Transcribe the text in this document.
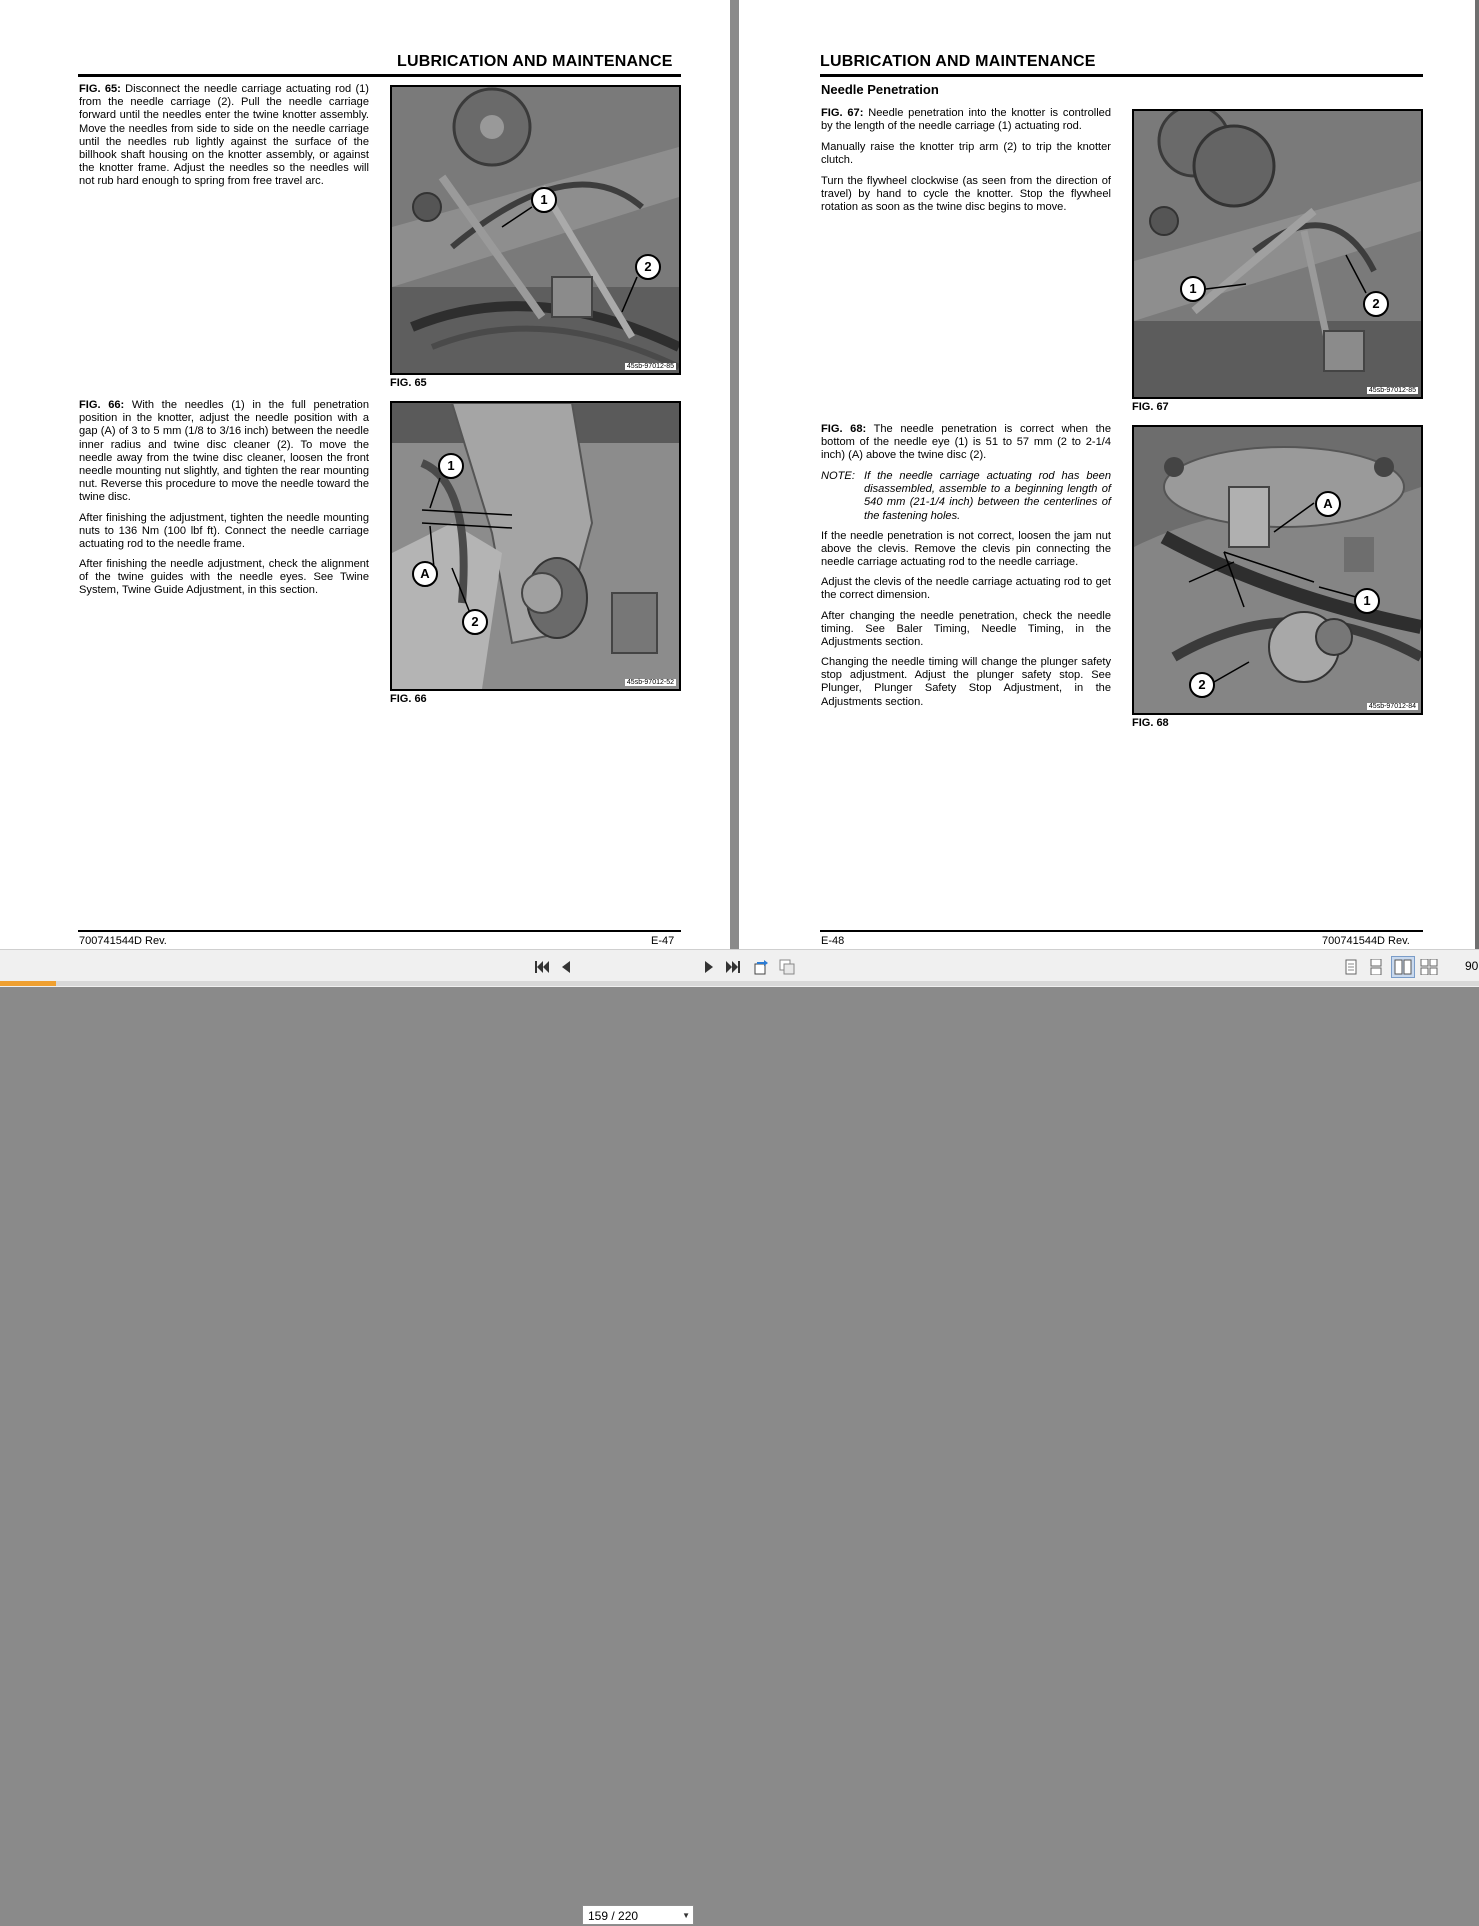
LUBRICATION AND MAINTENANCE

FIG. 65: Disconnect the needle carriage actuating rod (1) from the needle carriage (2). Pull the needle carriage forward until the needles enter the twine knotter assembly. Move the needles from side to side on the needle carriage until the needles rub lightly against the surface of the billhook shaft housing on the knotter assembly, or against the knotter frame. Adjust the needles so the needles will not rub hard enough to spring from free travel arc.

1
2
45sb-97012-85
FIG. 65

FIG. 66: With the needles (1) in the full penetration position in the knotter, adjust the needle position with a gap (A) of 3 to 5 mm (1/8 to 3/16 inch) between the needle inner radius and twine disc cleaner (2). To move the needle away from the twine disc cleaner, loosen the front needle mounting nut slightly, and tighten the rear mounting nut. Reverse this procedure to move the needle toward the twine disc.

After finishing the adjustment, tighten the needle mounting nuts to 136 Nm (100 lbf ft). Connect the needle carriage actuating rod to the needle frame.

After finishing the needle adjustment, check the alignment of the twine guides with the needle eyes. See Twine System, Twine Guide Adjustment, in this section.

1
A
2
45sb-97012-52
FIG. 66
700741544D Rev.	E-47
LUBRICATION AND MAINTENANCE
Needle Penetration

FIG. 67: Needle penetration into the knotter is controlled by the length of the needle carriage (1) actuating rod.

Manually raise the knotter trip arm (2) to trip the knotter clutch.

Turn the flywheel clockwise (as seen from the direction of travel) by hand to cycle the knotter. Stop the flywheel rotation as soon as the twine disc begins to move.

1
2
45sb-97012-85
FIG. 67

FIG. 68: The needle penetration is correct when the bottom of the needle eye (1) is 51 to 57 mm (2 to 2-1/4 inch) (A) above the twine disc (2).

NOTE: If the needle carriage actuating rod has been disassembled, assemble to a beginning length of 540 mm (21-1/4 inch) between the centerlines of the fastening holes.

If the needle penetration is not correct, loosen the jam nut above the clevis. Remove the clevis pin connecting the needle carriage actuating rod to the needle carriage.

Adjust the clevis of the needle carriage actuating rod to get the correct dimension.

After changing the needle penetration, check the needle timing. See Baler Timing, Needle Timing, in the Adjustments section.

Changing the needle timing will change the plunger safety stop adjustment. Adjust the plunger safety stop. See Plunger, Plunger Safety Stop Adjustment, in the Adjustments section.

A
1
2
45sb-97012-84
FIG. 68
E-48	700741544D Rev.
159 / 220	▼
90
